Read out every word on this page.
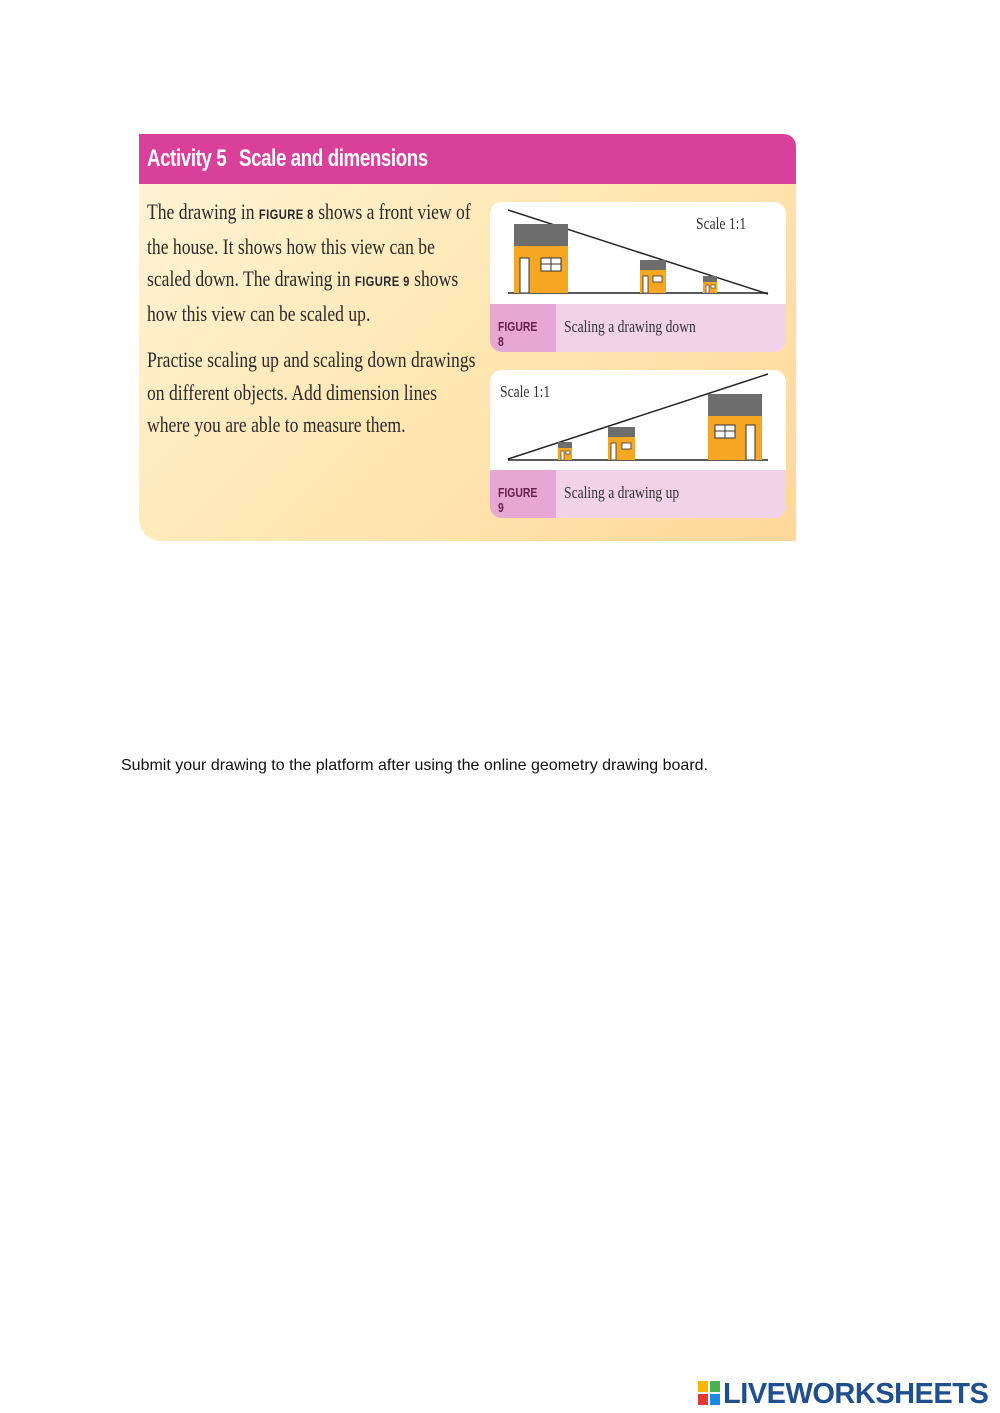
Activity 5 Scale and dimensions
The drawing in FIGURE 8 shows a front view of the house. It shows how this view can be scaled down. The drawing in FIGURE 9 shows how this view can be scaled up.
Practise scaling up and scaling down drawings on different objects. Add dimension lines where you are able to measure them.
Scale 1:1
FIGURE 8
Scaling a drawing down
Scale 1:1
FIGURE 9
Scaling a drawing up
Submit your drawing to the platform after using the online geometry drawing board.
LIVEWORKSHEETS
